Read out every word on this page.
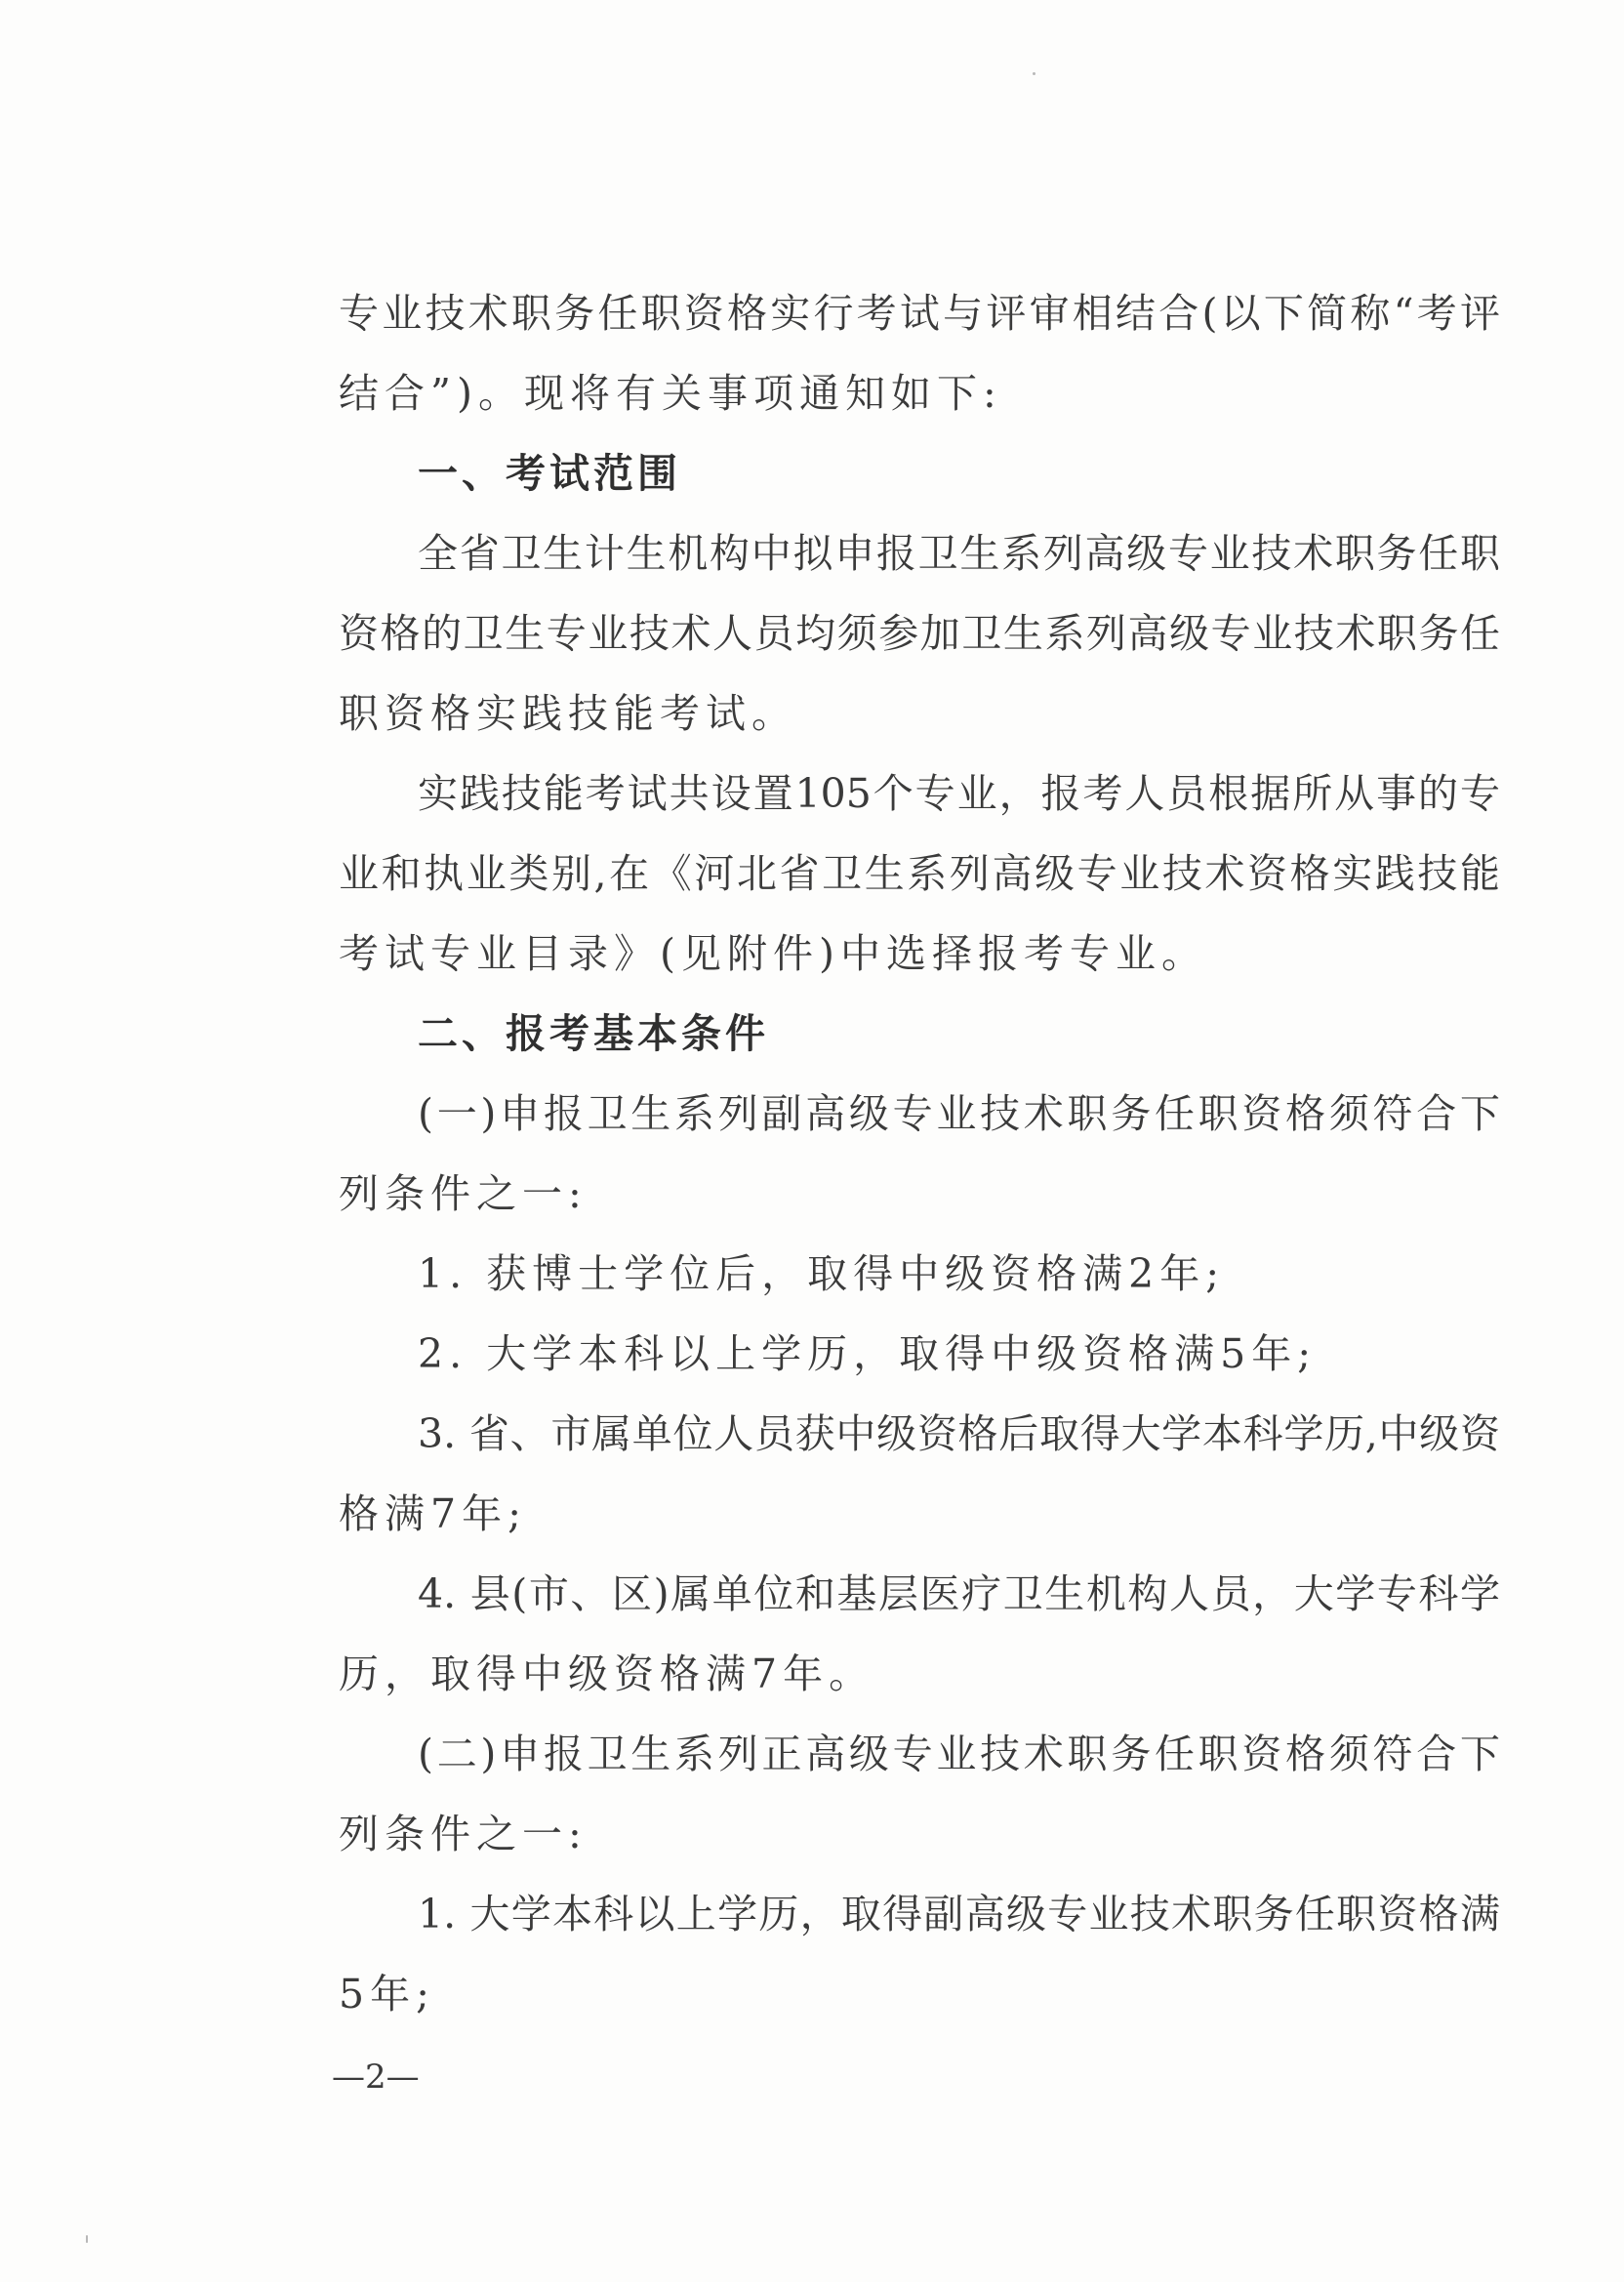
专业技术职务任职资格实行考试与评审相结合(以下简称“考评
结合”)。现将有关事项通知如下:
一、考试范围
全省卫生计生机构中拟申报卫生系列高级专业技术职务任职
资格的卫生专业技术人员均须参加卫生系列高级专业技术职务任
职资格实践技能考试。
实践技能考试共设置105个专业，报考人员根据所从事的专
业和执业类别,在《河北省卫生系列高级专业技术资格实践技能
考试专业目录》(见附件)中选择报考专业。
二、报考基本条件
(一)申报卫生系列副高级专业技术职务任职资格须符合下
列条件之一:
1. 获博士学位后，取得中级资格满2年;
2. 大学本科以上学历，取得中级资格满5年;
3. 省、市属单位人员获中级资格后取得大学本科学历,中级资
格满7年;
4. 县(市、区)属单位和基层医疗卫生机构人员，大学专科学
历，取得中级资格满7年。
(二)申报卫生系列正高级专业技术职务任职资格须符合下
列条件之一:
1. 大学本科以上学历，取得副高级专业技术职务任职资格满
5年;
—2—
